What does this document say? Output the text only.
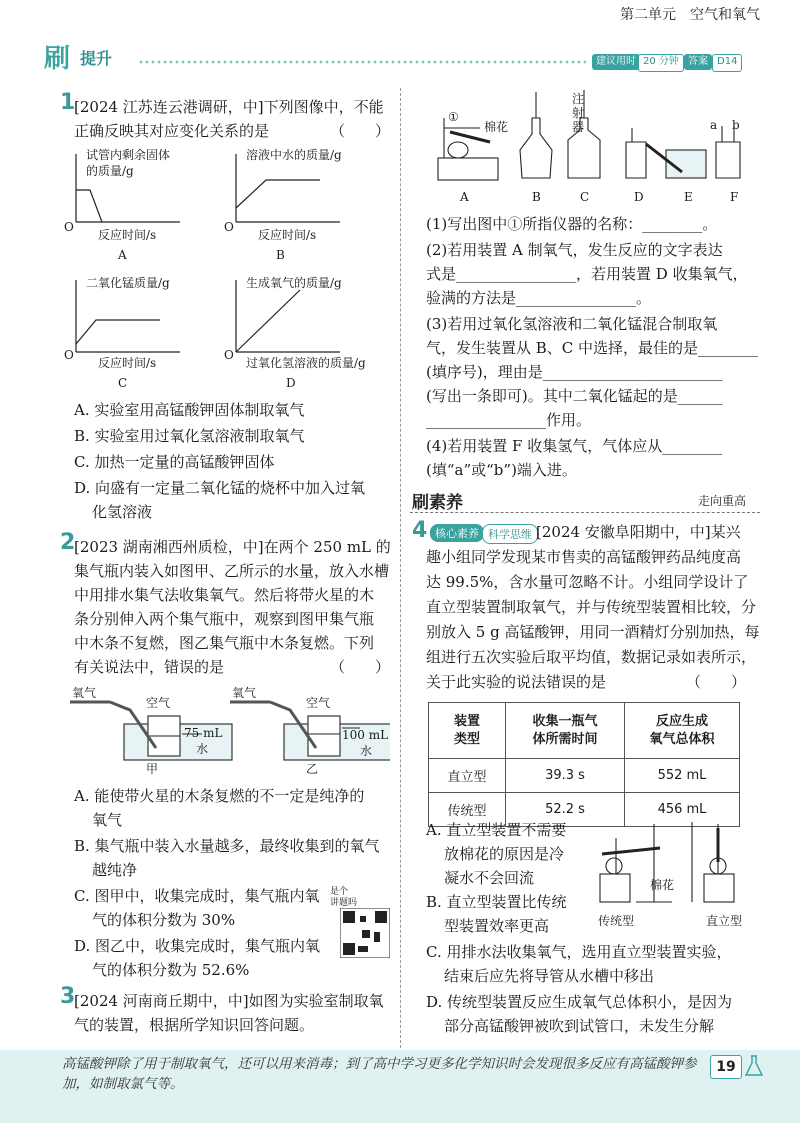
第二单元　空气和氧气
刷 提升	建议用时 20 分钟 答案 D14
1
[2024 江苏连云港调研，中]下列图像中，不能
正确反映其对应变化关系的是	（　　）
试管内剩余固体
的质量/g
O
反应时间/s
A
溶液中水的质量/g
O
反应时间/s
B
二氧化锰质量/g
O
反应时间/s
C
生成氧气的质量/g
O
过氧化氢溶液的质量/g
D
A. 实验室用高锰酸钾固体制取氧气
B. 实验室用过氧化氢溶液制取氧气
C. 加热一定量的高锰酸钾固体
D. 向盛有一定量二氧化锰的烧杯中加入过氧
化氢溶液
2
[2023 湖南湘西州质检，中]在两个 250 mL 的
集气瓶内装入如图甲、乙所示的水量，放入水槽
中用排水集气法收集氧气。然后将带火星的木
条分别伸入两个集气瓶中，观察到图甲集气瓶
中木条不复燃，图乙集气瓶中木条复燃。下列
有关说法中，错误的是	（　　）
氧气
空气
75 mL
水
甲
氧气
空气
100 mL
水
乙
A. 能使带火星的木条复燃的不一定是纯净的
氧气
B. 集气瓶中装入水量越多，最终收集到的氧气
越纯净
C. 图甲中，收集完成时，集气瓶内氧
气的体积分数为 30%
D. 图乙中，收集完成时，集气瓶内氧
气的体积分数为 52.6%
是个
讲题吗
3
[2024 河南商丘期中，中]如图为实验室制取氧
气的装置，根据所学知识回答问题。
①
棉花
注
射
器	a b
A	B	C	D	E	F
(1)写出图中①所指仪器的名称：________。
(2)若用装置 A 制氧气，发生反应的文字表达
式是________________，若用装置 D 收集氧气，
验满的方法是________________。
(3)若用过氧化氢溶液和二氧化锰混合制取氧
气，发生装置从 B、C 中选择，最佳的是________
(填序号)，理由是________________________
(写出一条即可)。其中二氧化锰起的是______
________________作用。
(4)若用装置 F 收集氢气，气体应从________
(填“a”或“b”)端入进。
刷素养	走向重高
4 核心素养 科学思维 [2024 安徽阜阳期中，中]某兴
趣小组同学发现某市售卖的高锰酸钾药品纯度高
达 99.5%，含水量可忽略不计。小组同学设计了
直立型装置制取氧气，并与传统型装置相比较，分
别放入 5 g 高锰酸钾，用同一酒精灯分别加热，每
组进行五次实验后取平均值，数据记录如表所示，
关于此实验的说法错误的是	（　　）
装置
类型	收集一瓶气
体所需时间	反应生成
氧气总体积
直立型	39.3 s	552 mL
传统型	52.2 s	456 mL
棉花
传统型	直立型
A. 直立型装置不需要
放棉花的原因是冷
凝水不会回流
B. 直立型装置比传统
型装置效率更高
C. 用排水法收集氧气，选用直立型装置实验，
结束后应先将导管从水槽中移出
D. 传统型装置反应生成氧气总体积小，是因为
部分高锰酸钾被吹到试管口，未发生分解
高锰酸钾除了用于制取氧气，还可以用来消毒；到了高中学习更多化学知识时会发现很多反应有高锰酸钾参加，如制取氯气等。
19
